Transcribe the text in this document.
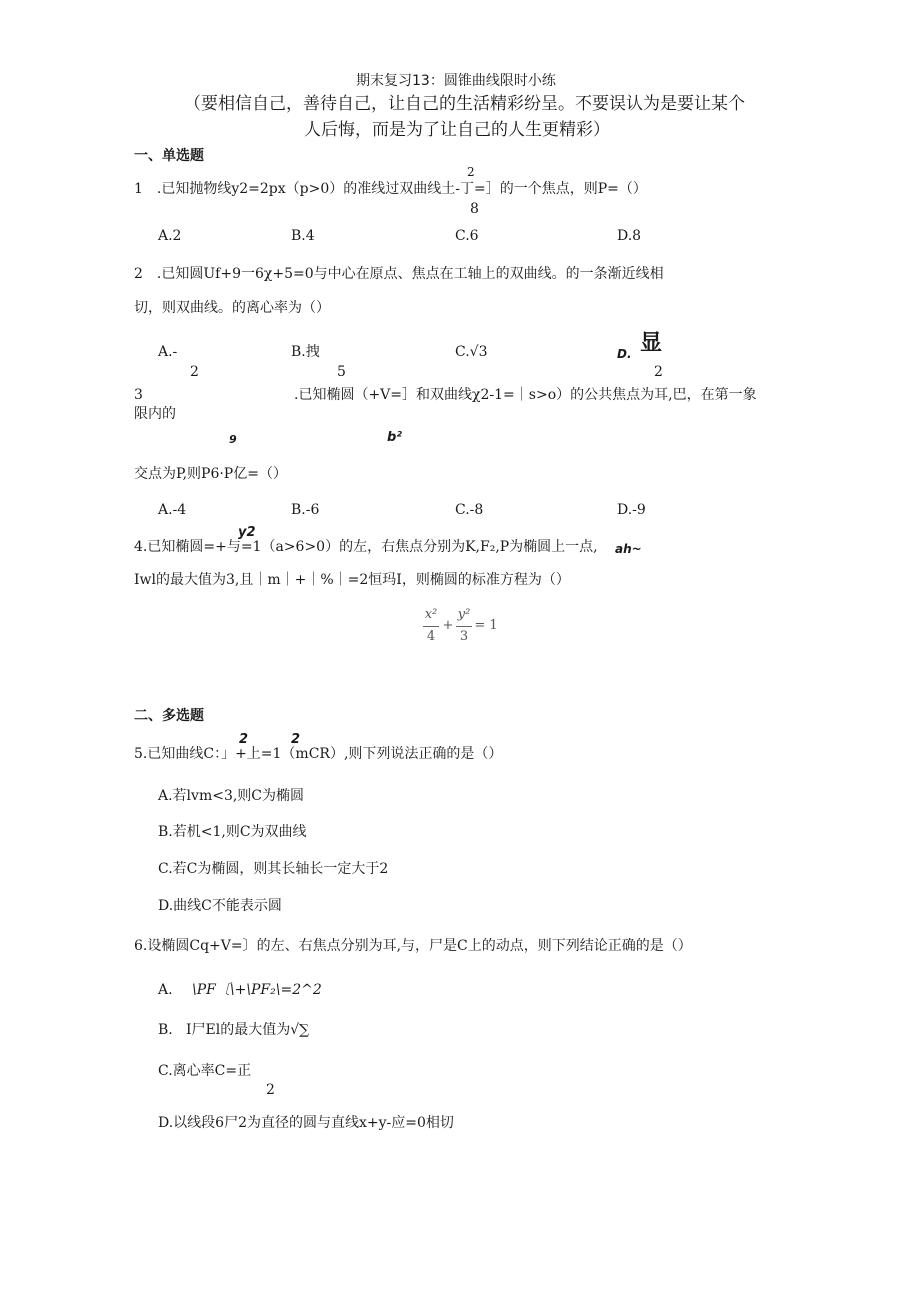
期末复习13：圆锥曲线限时小练
（要相信自己，善待自己，让自己的生活精彩纷呈。不要误认为是要让某个
人后悔，而是为了让自己的人生更精彩）
一、单选题
2
1　.已知抛物线y2=2px（p>0）的准线过双曲线土-丁=］的一个焦点，则P=（）
8
A.2	B.4	C.6	D.8
2　.已知圆Uf+9一6χ+5=0与中心在原点、焦点在工轴上的双曲线。的一条渐近线相
切，则双曲线。的离心率为（）
A.-	B.拽	C.√3	D. 显
2	5	2
3	.已知椭圆（+V=］和双曲线χ2-1=｜s>o）的公共焦点为耳,巴，在第一象
限内的
9	b²
交点为P,则P6·P亿=（）
A.-4	B.-6	C.-8	D.-9
y2
4.已知椭圆=+与=1（a>6>0）的左，右焦点分别为K,F₂,P为椭圆上一点, ah~
Iwl的最大值为3,且｜m｜+｜%｜=2恒玛I，则椭圆的标准方程为（）
x²
4
+
y²
3
= 1
二、多选题
2	2
5.已知曲线C：」+上=1（mCR）,则下列说法正确的是（）
A.若lvm<3,则C为椭圆
B.若机<1,则C为双曲线
C.若C为椭圆，则其长轴长一定大于2
D.曲线C不能表示圆
6.设椭圆Cq+V=〕的左、右焦点分别为耳,与，尸是C上的动点，则下列结论正确的是（）
A. \PF〔\+\PF₂\=2^2
B. I尸El的最大值为√∑
C.离心率C=正
2
D.以线段6尸2为直径的圆与直线x+y-应=0相切
